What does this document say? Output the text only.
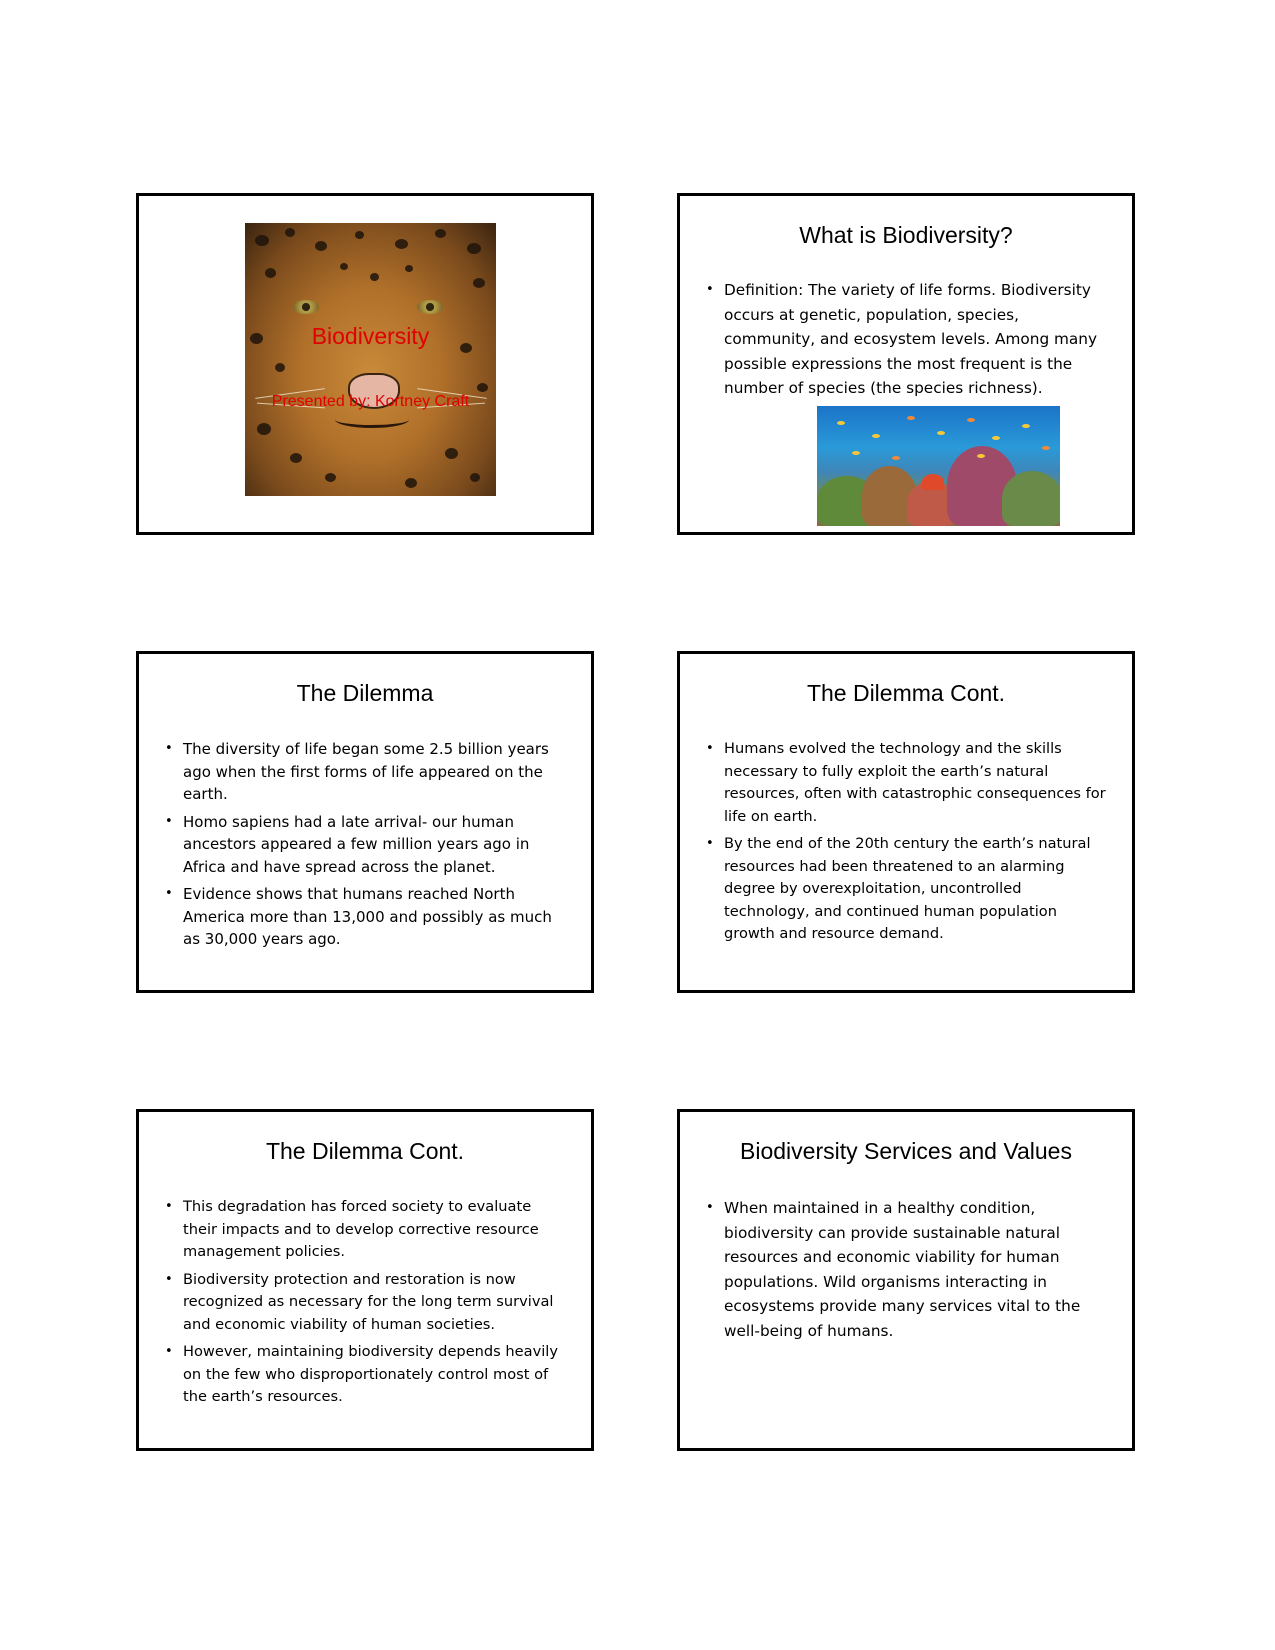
Biodiversity
Presented by: Kortney Craft
What is Biodiversity?
• Definition: The variety of life forms. Biodiversity occurs at genetic, population, species, community, and ecosystem levels. Among many possible expressions the most frequent is the number of species (the species richness).
The Dilemma
• The diversity of life began some 2.5 billion years ago when the first forms of life appeared on the earth.
• Homo sapiens had a late arrival- our human ancestors appeared a few million years ago in Africa and have spread across the planet.
• Evidence shows that humans reached North America more than 13,000 and possibly as much as 30,000 years ago.
The Dilemma Cont.
• Humans evolved the technology and the skills necessary to fully exploit the earth’s natural resources, often with catastrophic consequences for life on earth.
• By the end of the 20th century the earth’s natural resources had been threatened to an alarming degree by overexploitation, uncontrolled technology, and continued human population growth and resource demand.
The Dilemma Cont.
• This degradation has forced society to evaluate their impacts and to develop corrective resource management policies.
• Biodiversity protection and restoration is now recognized as necessary for the long term survival and economic viability of human societies.
• However, maintaining biodiversity depends heavily on the few who disproportionately control most of the earth’s resources.
Biodiversity Services and Values
• When maintained in a healthy condition, biodiversity can provide sustainable natural resources and economic viability for human populations. Wild organisms interacting in ecosystems provide many services vital to the well-being of humans.
